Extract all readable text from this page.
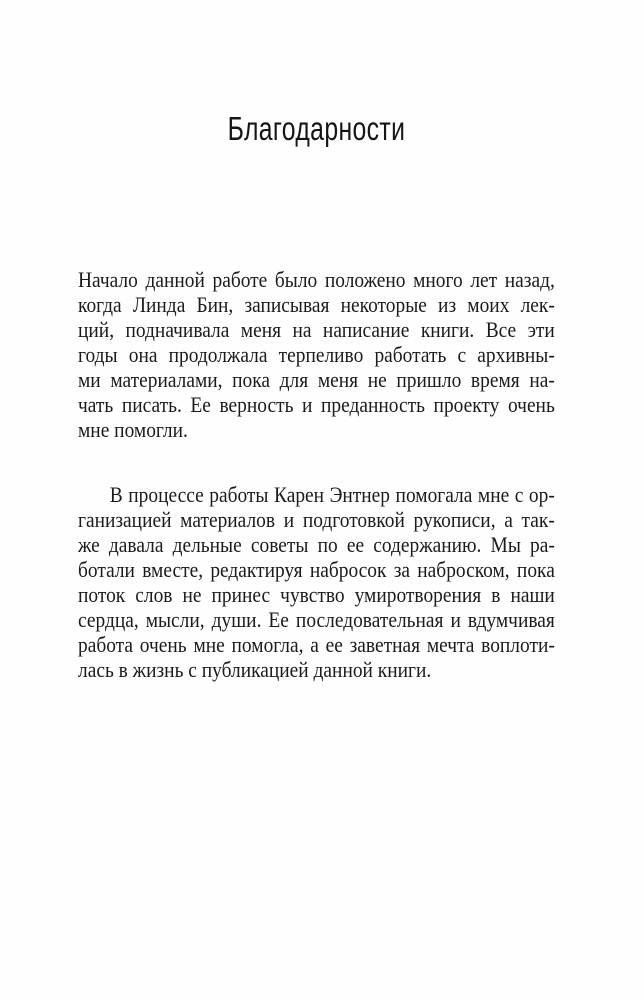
Благодарности
Начало данной работе было положено много лет назад,
когда Линда Бин, записывая некоторые из моих лек-
ций, подначивала меня на написание книги. Все эти
годы она продолжала терпеливо работать с архивны-
ми материалами, пока для меня не пришло время на-
чать писать. Ее верность и преданность проекту очень
мне помогли.
В процессе работы Карен Энтнер помогала мне с ор-
ганизацией материалов и подготовкой рукописи, а так-
же давала дельные советы по ее содержанию. Мы ра-
ботали вместе, редактируя набросок за наброском, пока
поток слов не принес чувство умиротворения в наши
сердца, мысли, души. Ее последовательная и вдумчивая
работа очень мне помогла, а ее заветная мечта воплоти-
лась в жизнь с публикацией данной книги.
